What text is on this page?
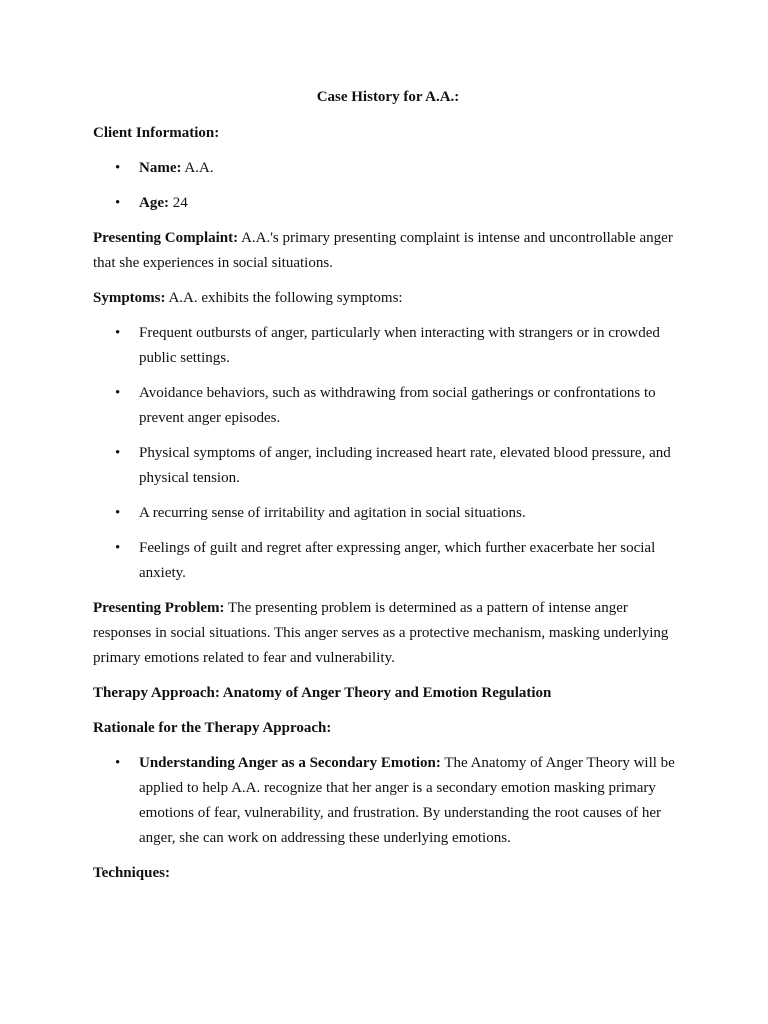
Case History for A.A.:

Client Information:

• Name: A.A.
• Age: 24

Presenting Complaint: A.A.'s primary presenting complaint is intense and uncontrollable anger that she experiences in social situations.

Symptoms: A.A. exhibits the following symptoms:

• Frequent outbursts of anger, particularly when interacting with strangers or in crowded public settings.
• Avoidance behaviors, such as withdrawing from social gatherings or confrontations to prevent anger episodes.
• Physical symptoms of anger, including increased heart rate, elevated blood pressure, and physical tension.
• A recurring sense of irritability and agitation in social situations.
• Feelings of guilt and regret after expressing anger, which further exacerbate her social anxiety.

Presenting Problem: The presenting problem is determined as a pattern of intense anger responses in social situations. This anger serves as a protective mechanism, masking underlying primary emotions related to fear and vulnerability.

Therapy Approach: Anatomy of Anger Theory and Emotion Regulation

Rationale for the Therapy Approach:

• Understanding Anger as a Secondary Emotion: The Anatomy of Anger Theory will be applied to help A.A. recognize that her anger is a secondary emotion masking primary emotions of fear, vulnerability, and frustration. By understanding the root causes of her anger, she can work on addressing these underlying emotions.

Techniques:
